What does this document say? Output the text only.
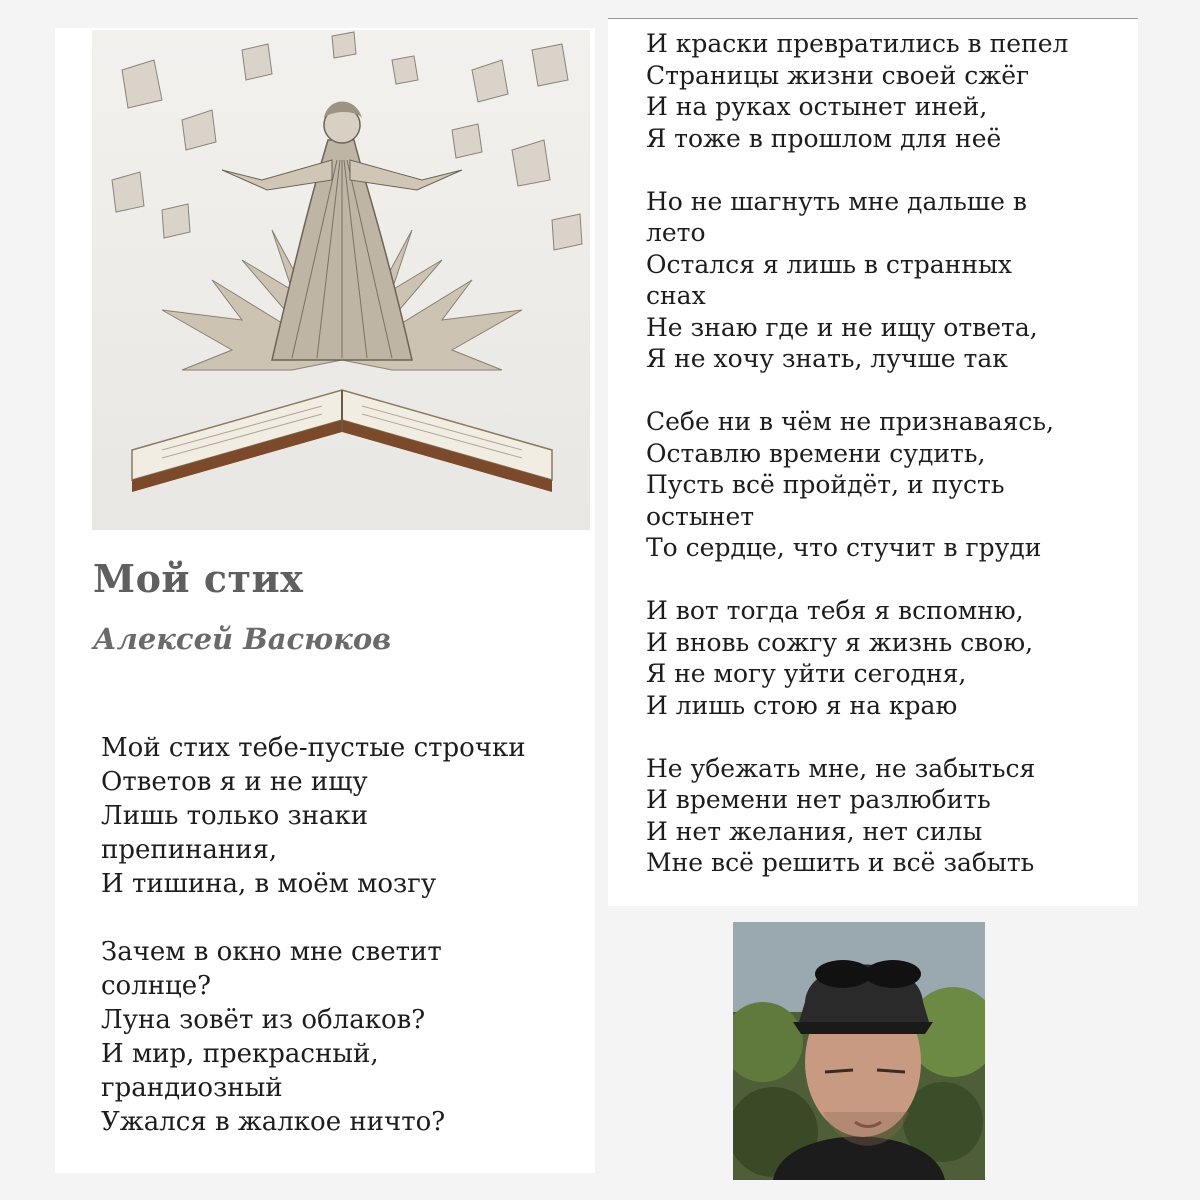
Мой стих
Алексей Васюков
Мой стих тебе-пустые строчки
Ответов я и не ищу
Лишь только знаки
препинания,
И тишина, в моём мозгу
Зачем в окно мне светит
солнце?
Луна зовёт из облаков?
И мир, прекрасный,
грандиозный
Ужался в жалкое ничто?
И краски превратились в пепел
Страницы жизни своей сжёг
И на руках остынет иней,
Я тоже в прошлом для неё
Но не шагнуть мне дальше в
лето
Остался я лишь в странных
снах
Не знаю где и не ищу ответа,
Я не хочу знать, лучше так
Себе ни в чём не признаваясь,
Оставлю времени судить,
Пусть всё пройдёт, и пусть
остынет
То сердце, что стучит в груди
И вот тогда тебя я вспомню,
И вновь сожгу я жизнь свою,
Я не могу уйти сегодня,
И лишь стою я на краю
Не убежать мне, не забыться
И времени нет разлюбить
И нет желания, нет силы
Мне всё решить и всё забыть
